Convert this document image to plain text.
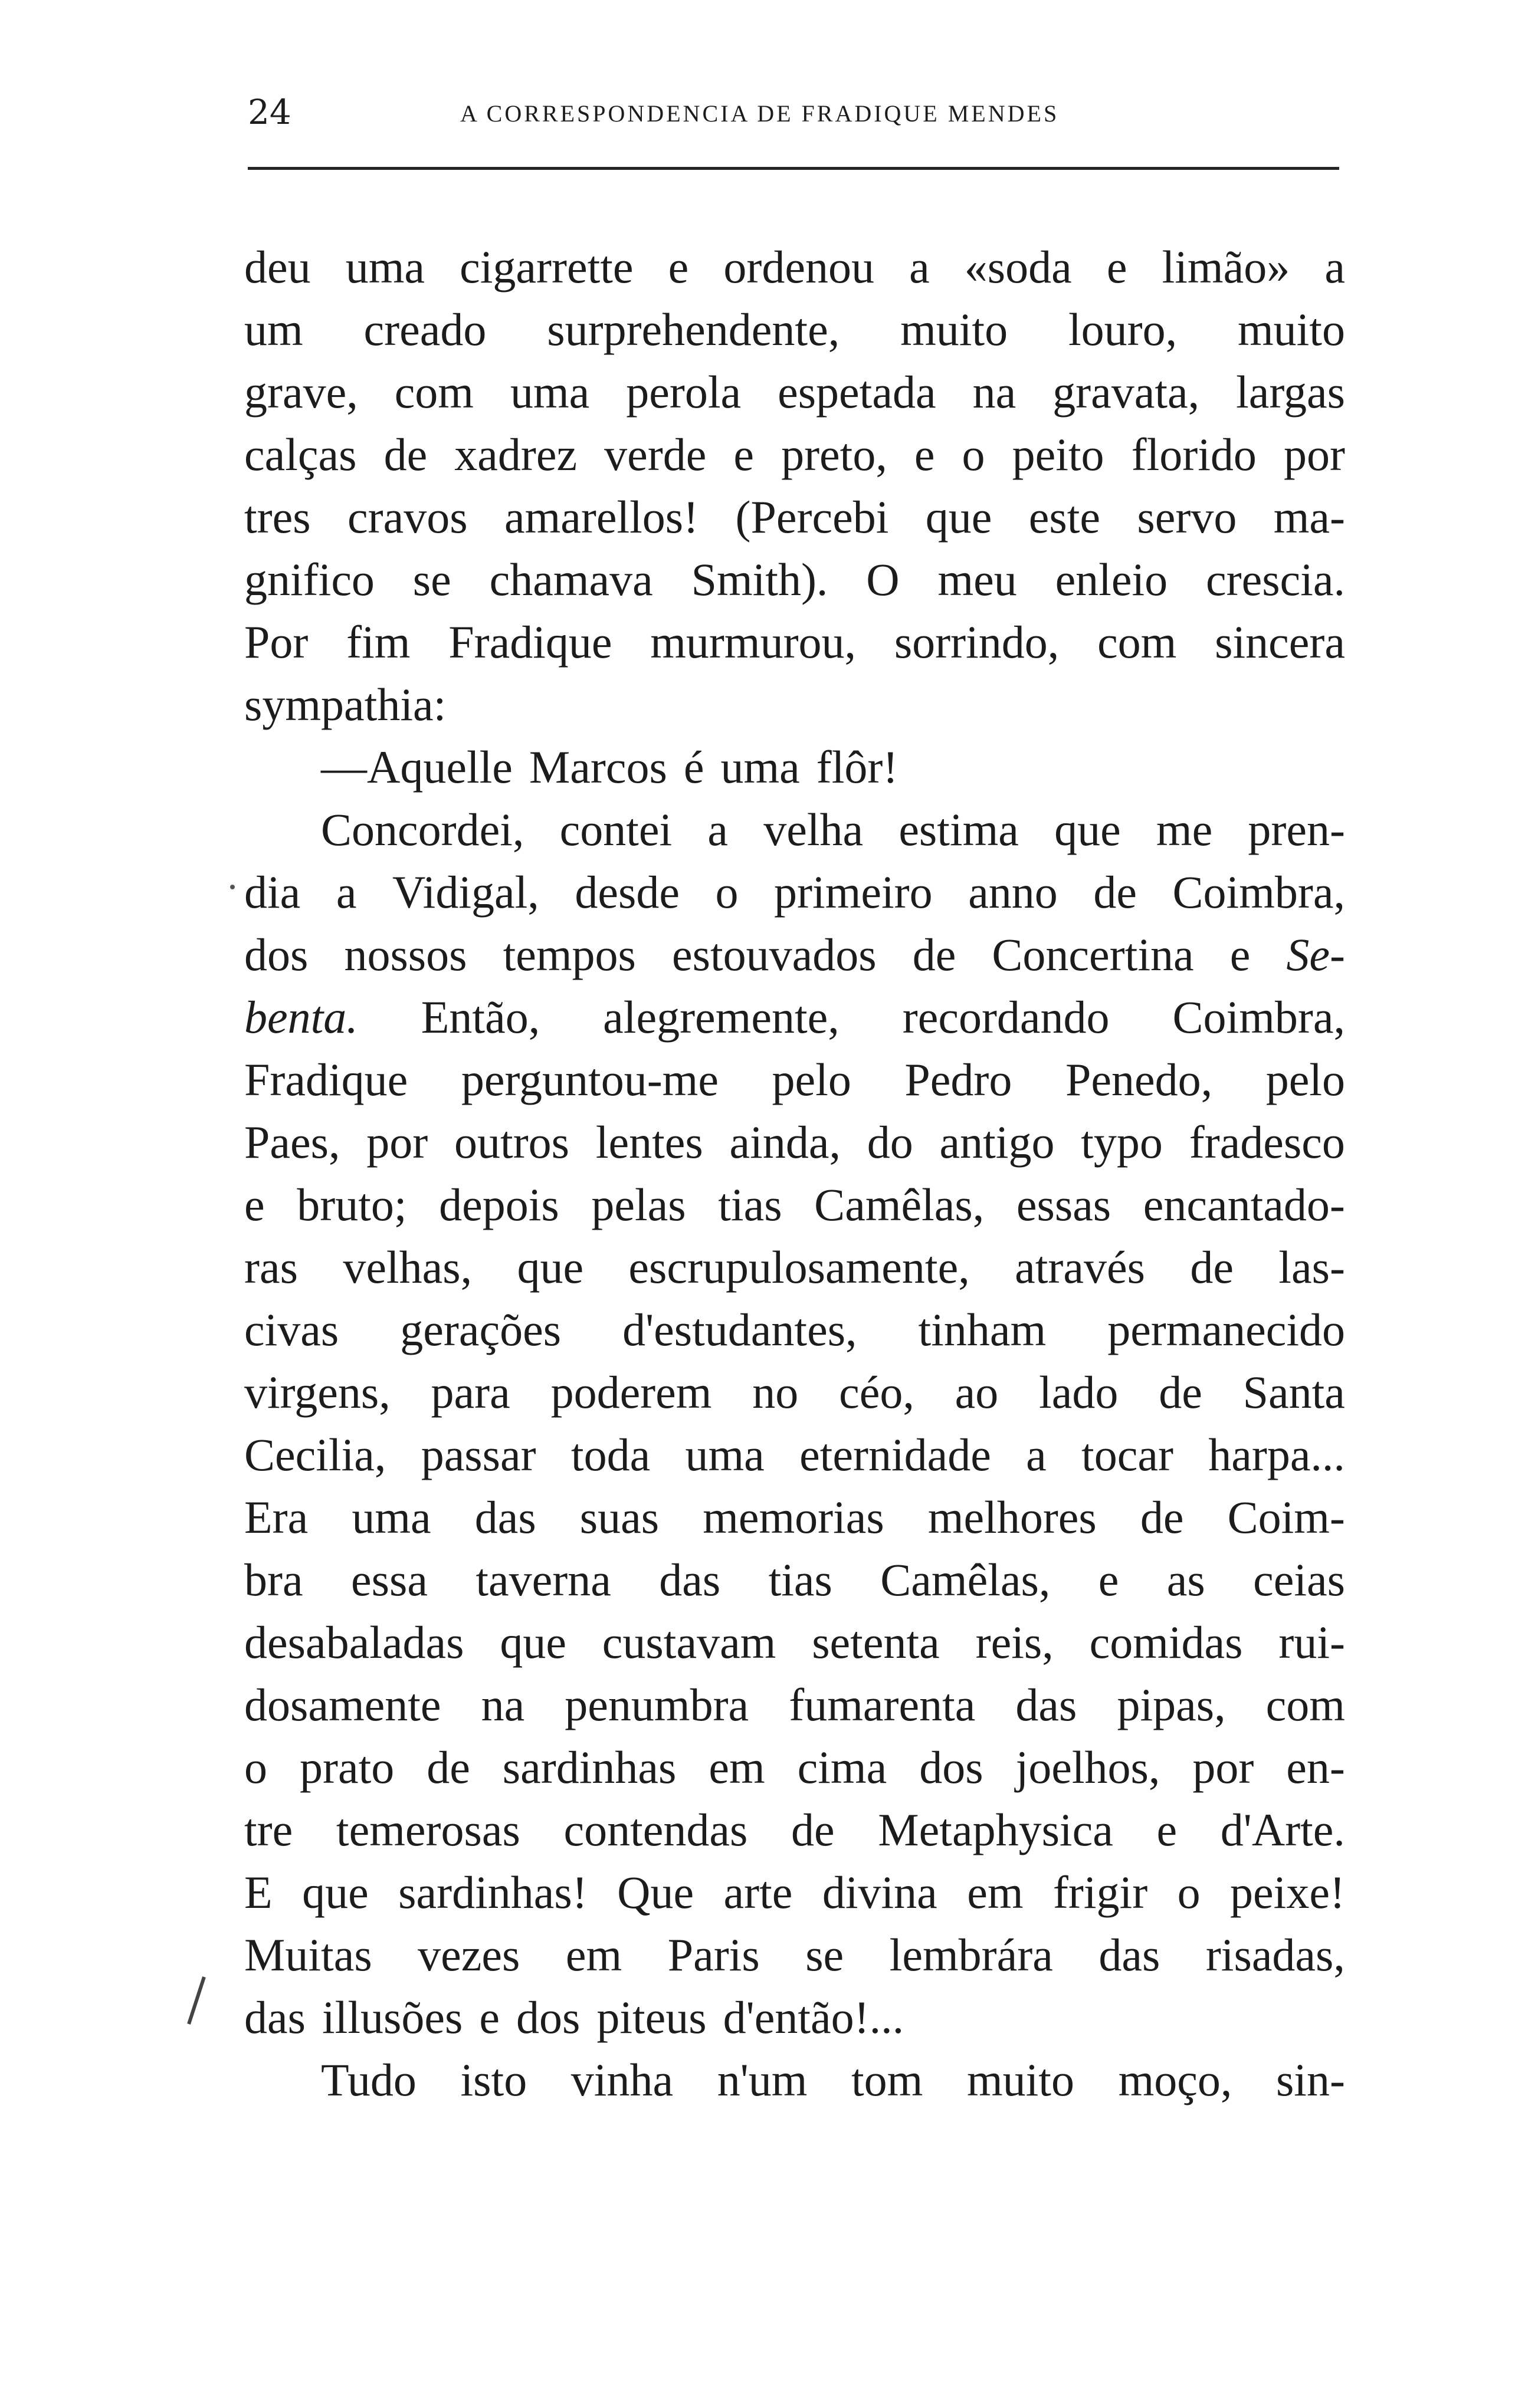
24	A CORRESPONDENCIA DE FRADIQUE MENDES
deu uma cigarrette e ordenou a «soda e limão» a
um creado surprehendente, muito louro, muito
grave, com uma perola espetada na gravata, largas
calças de xadrez verde e preto, e o peito florido por
tres cravos amarellos! (Percebi que este servo ma-
gnifico se chamava Smith). O meu enleio crescia.
Por fim Fradique murmurou, sorrindo, com sincera
sympathia:
—Aquelle Marcos é uma flôr!
Concordei, contei a velha estima que me pren-
dia a Vidigal, desde o primeiro anno de Coimbra,
dos nossos tempos estouvados de Concertina e Se-
benta. Então, alegremente, recordando Coimbra,
Fradique perguntou-me pelo Pedro Penedo, pelo
Paes, por outros lentes ainda, do antigo typo fradesco
e bruto; depois pelas tias Camêlas, essas encantado-
ras velhas, que escrupulosamente, através de las-
civas gerações d'estudantes, tinham permanecido
virgens, para poderem no céo, ao lado de Santa
Cecilia, passar toda uma eternidade a tocar harpa...
Era uma das suas memorias melhores de Coim-
bra essa taverna das tias Camêlas, e as ceias
desabaladas que custavam setenta reis, comidas rui-
dosamente na penumbra fumarenta das pipas, com
o prato de sardinhas em cima dos joelhos, por en-
tre temerosas contendas de Metaphysica e d'Arte.
E que sardinhas! Que arte divina em frigir o peixe!
Muitas vezes em Paris se lembrára das risadas,
das illusões e dos piteus d'então!...
Tudo isto vinha n'um tom muito moço, sin-
